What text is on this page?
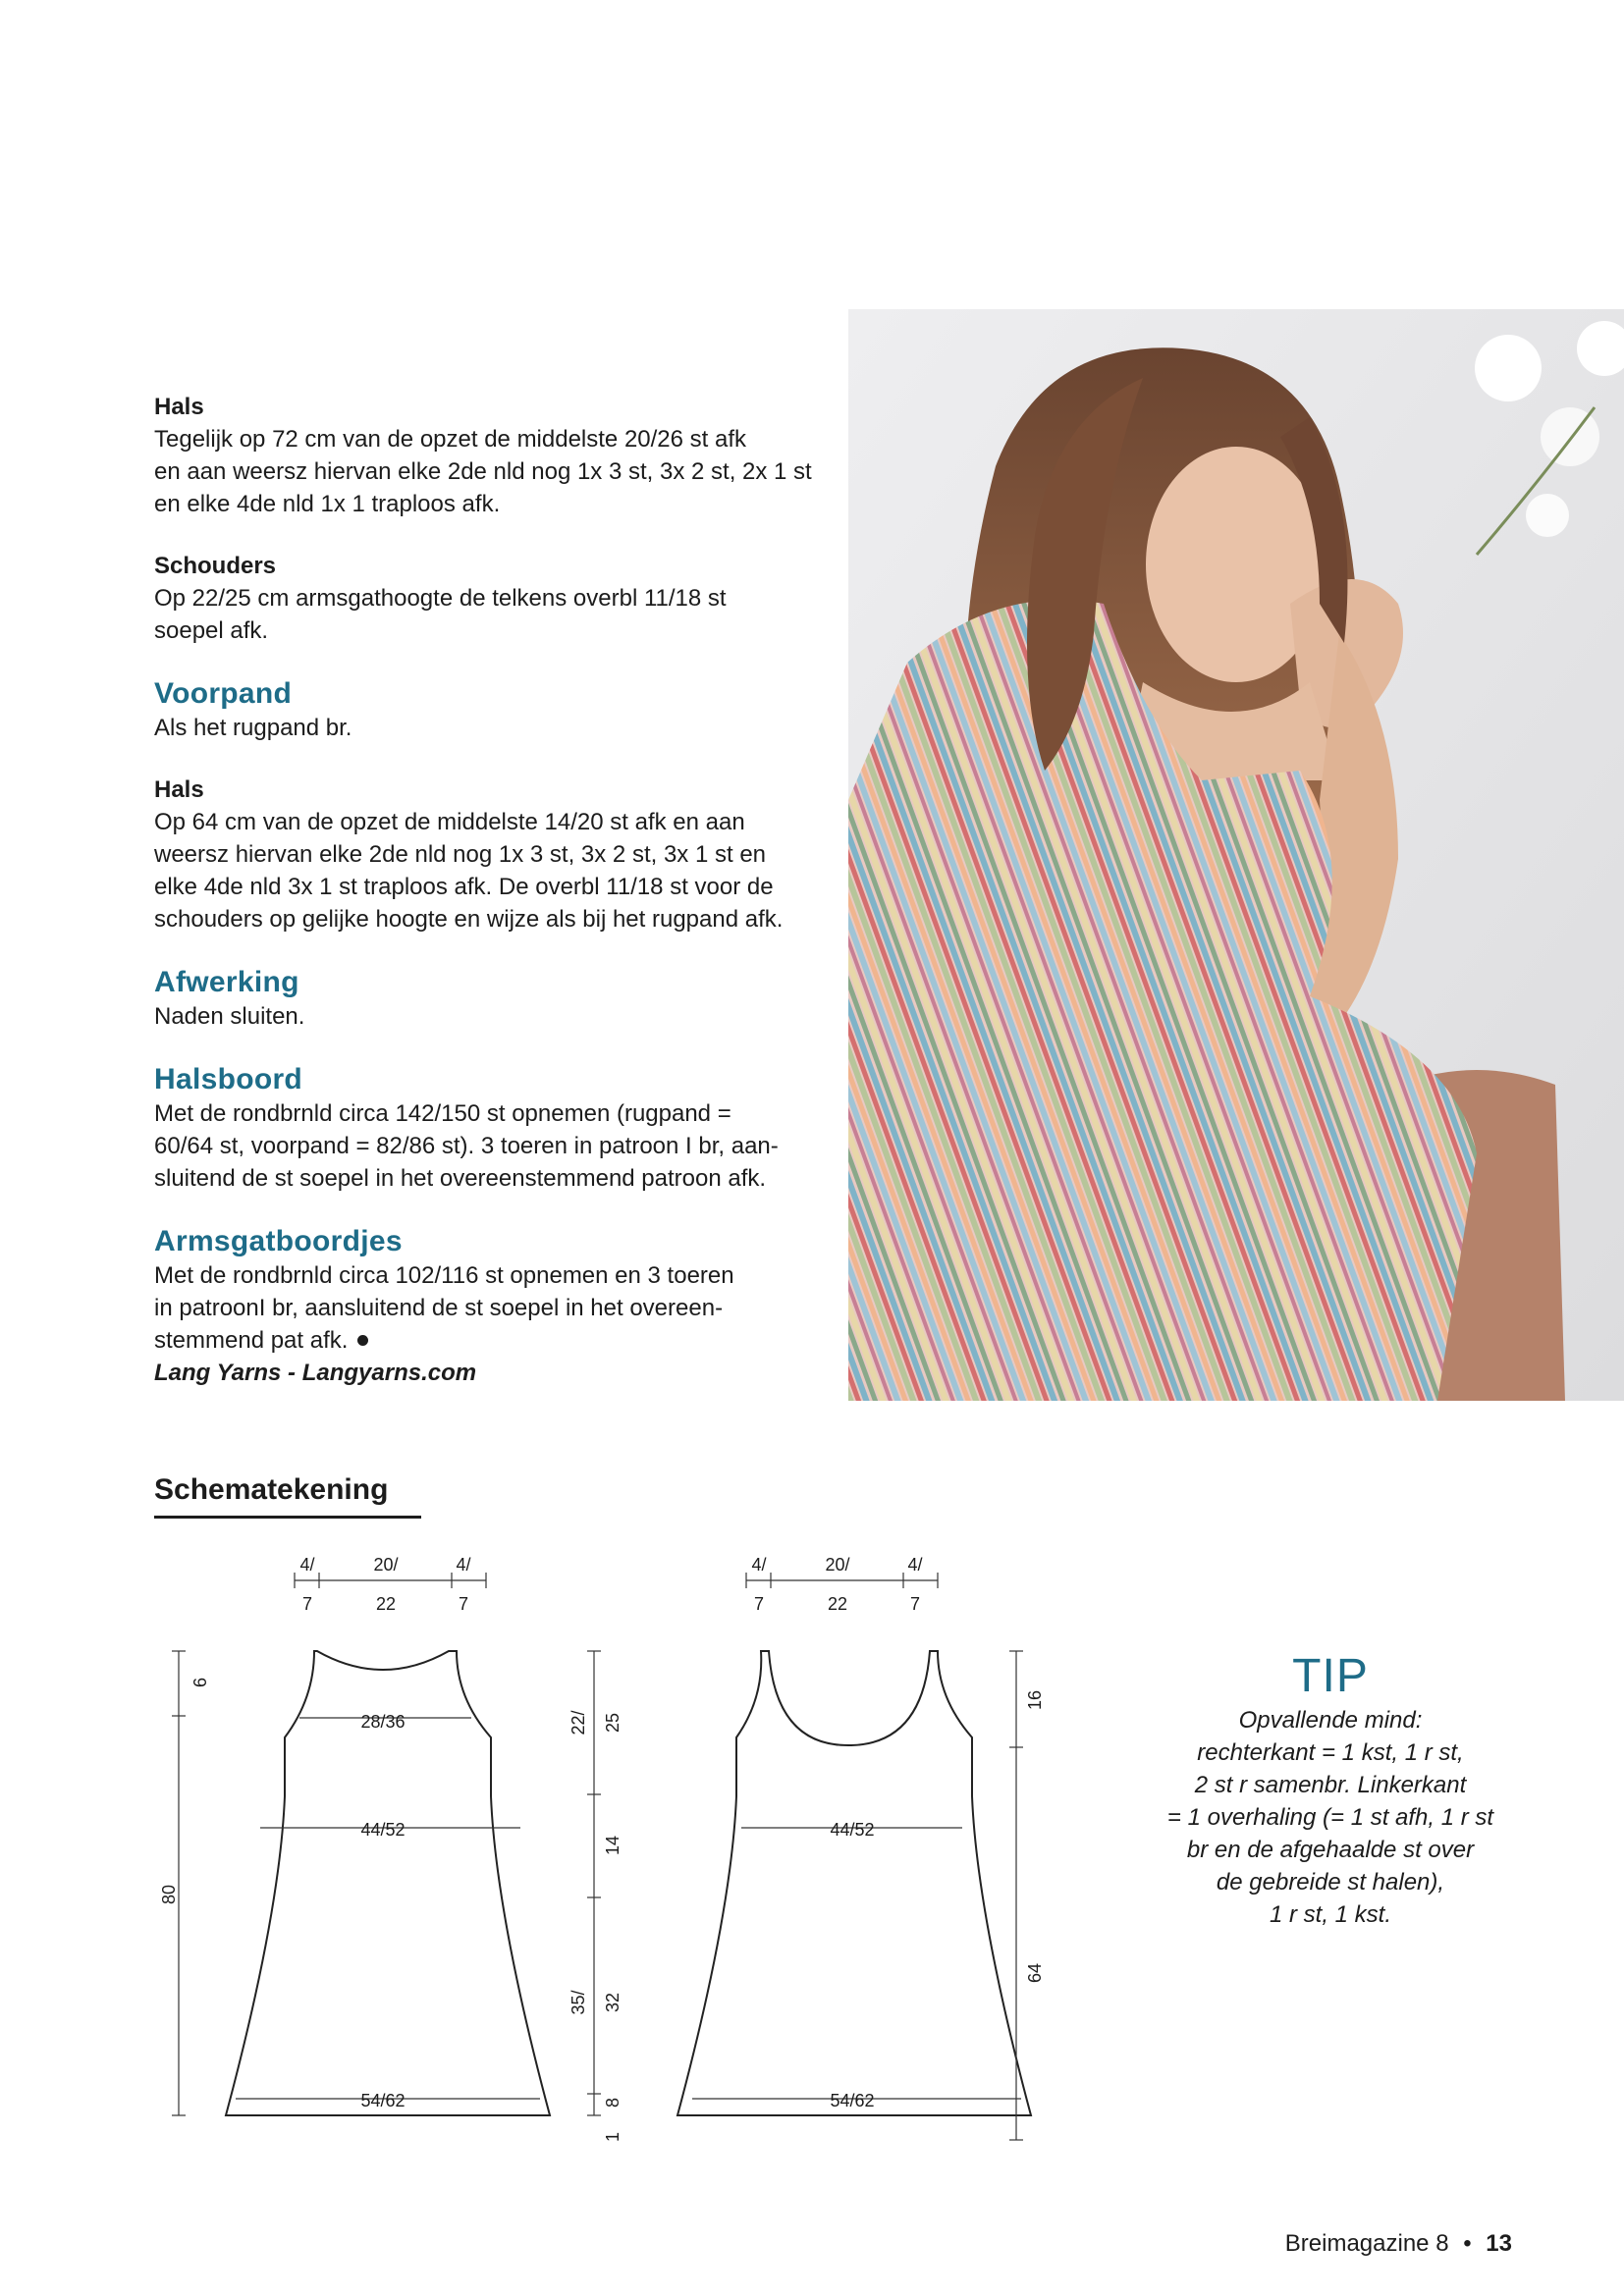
Hals
Tegelijk op 72 cm van de opzet de middelste 20/26 st afk
en aan weersz hiervan elke 2de nld nog 1x 3 st, 3x 2 st, 2x 1 st
en elke 4de nld 1x 1 traploos afk.
Schouders
Op 22/25 cm armsgathoogte de telkens overbl 11/18 st
soepel afk.
Voorpand
Als het rugpand br.
Hals
Op 64 cm van de opzet de middelste 14/20 st afk en aan
weersz hiervan elke 2de nld nog 1x 3 st, 3x 2 st, 3x 1 st en
elke 4de nld 3x 1 st traploos afk. De overbl 11/18 st voor de
schouders op gelijke hoogte en wijze als bij het rugpand afk.
Afwerking
Naden sluiten.
Halsboord
Met de rondbrnld circa 142/150 st opnemen (rugpand =
60/64 st, voorpand = 82/86 st). 3 toeren in patroon I br, aan-
sluitend de st soepel in het overeenstemmend patroon afk.
Armsgatboordjes
Met de rondbrnld circa 102/116 st opnemen en 3 toeren
in patroonI br, aansluitend de st soepel in het overeen-
stemmend pat afk.
Lang Yarns - Langyarns.com
Schematekening
4/
7
20/
22
4/
7
28/36
44/52
54/62
6
80
22/ 25
14
35/ 32
8
1
4/
7
20/
22
4/
7
44/52
54/62
16
64
TIP
Opvallende mind:
rechterkant = 1 kst, 1 r st,
2 st r samenbr. Linkerkant
= 1 overhaling (= 1 st afh, 1 r st
br en de afgehaalde st over
de gebreide st halen),
1 r st, 1 kst.
Breimagazine 8 • 13
